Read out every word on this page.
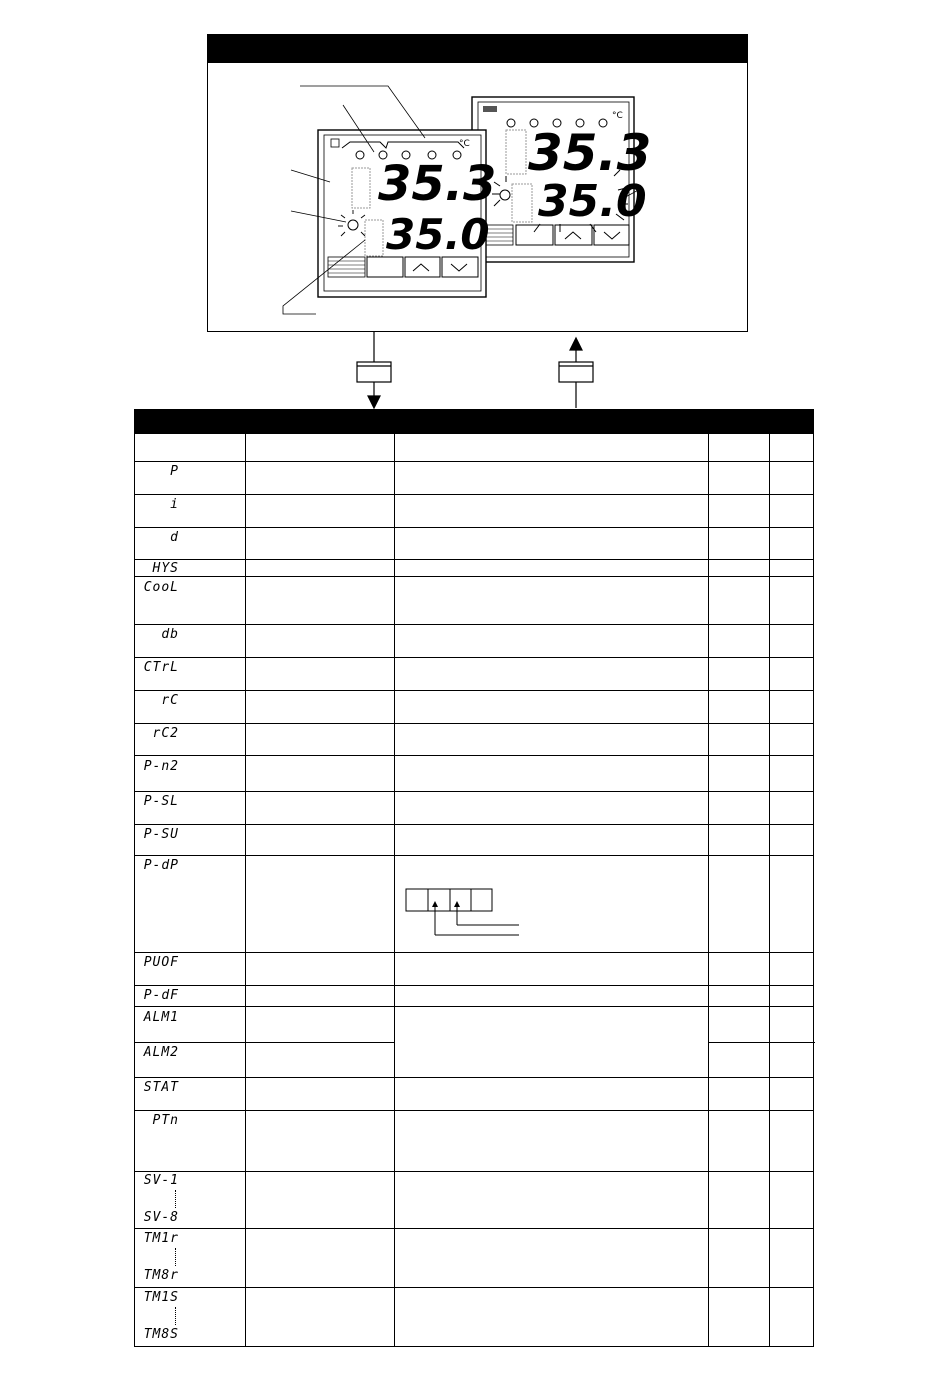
°C
°C
35.3
35.0
35.3
35.0
P
i
d
HYS
CooL
db
CTrL
rC
rC2
P-n2
P-SL
P-SU
P-dP
PUOF
P-dF
ALM1
ALM2
STAT
PTn
SV-1
SV-8
TM1r
TM8r
TM1S
TM8S
